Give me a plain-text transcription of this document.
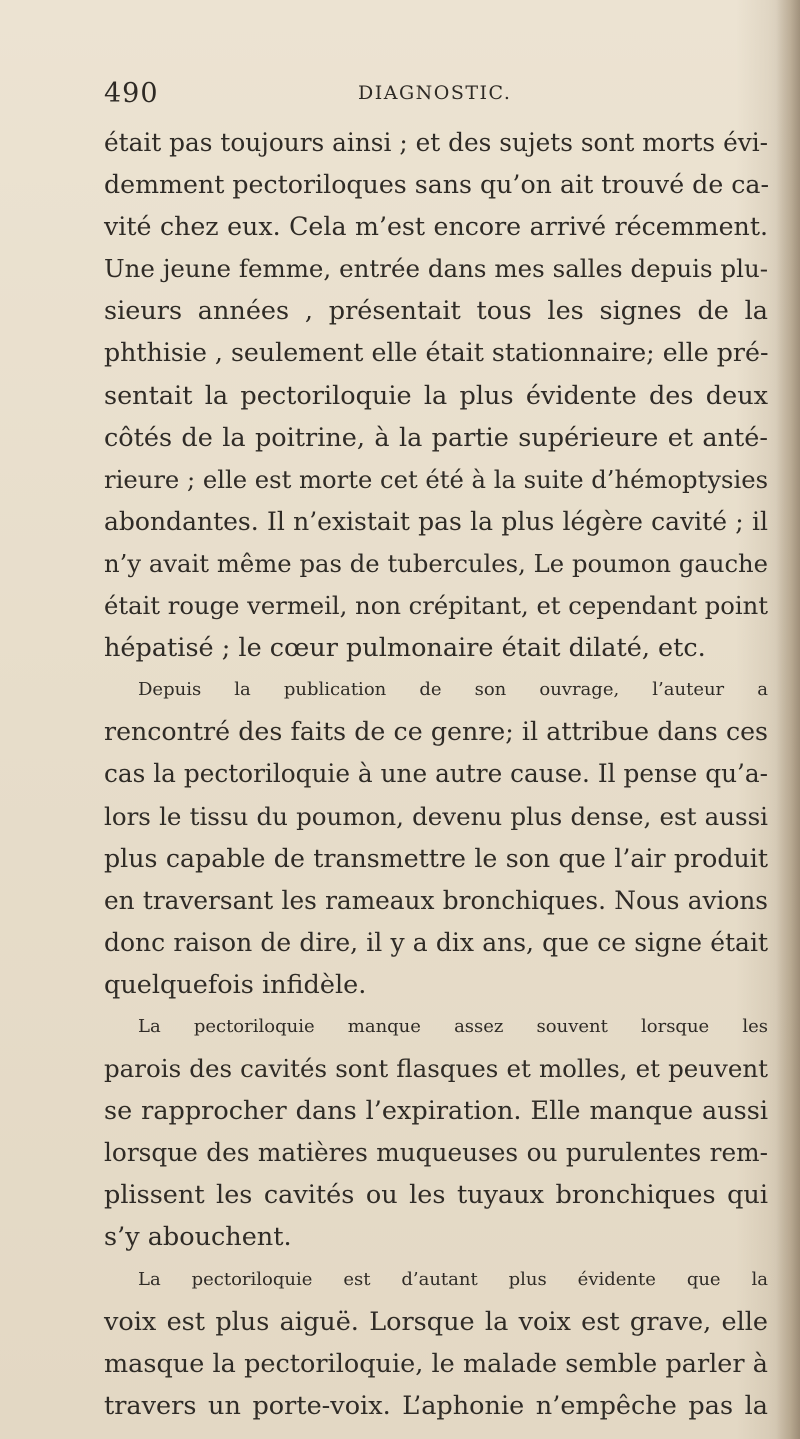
490	DIAGNOSTIC.
était pas toujours ainsi ; et des sujets sont morts évi-
demment pectoriloques sans qu’on ait trouvé de ca-
vité chez eux. Cela m’est encore arrivé récemment.
Une jeune femme, entrée dans mes salles depuis plu-
sieurs années , présentait tous les signes de la
phthisie , seulement elle était stationnaire; elle pré-
sentait la pectoriloquie la plus évidente des deux
côtés de la poitrine, à la partie supérieure et anté-
rieure ; elle est morte cet été à la suite d’hémoptysies
abondantes. Il n’existait pas la plus légère cavité ; il
n’y avait même pas de tubercules, Le poumon gauche
était rouge vermeil, non crépitant, et cependant point
hépatisé ; le cœur pulmonaire était dilaté, etc.
Depuis la publication de son ouvrage, l’auteur a
rencontré des faits de ce genre; il attribue dans ces
cas la pectoriloquie à une autre cause. Il pense qu’a-
lors le tissu du poumon, devenu plus dense, est aussi
plus capable de transmettre le son que l’air produit
en traversant les rameaux bronchiques. Nous avions
donc raison de dire, il y a dix ans, que ce signe était
quelquefois infidèle.
La pectoriloquie manque assez souvent lorsque les
parois des cavités sont flasques et molles, et peuvent
se rapprocher dans l’expiration. Elle manque aussi
lorsque des matières muqueuses ou purulentes rem-
plissent les cavités ou les tuyaux bronchiques qui
s’y abouchent.
La pectoriloquie est d’autant plus évidente que la
voix est plus aiguë. Lorsque la voix est grave, elle
masque la pectoriloquie, le malade semble parler à
travers un porte-voix. L’aphonie n’empêche pas la
